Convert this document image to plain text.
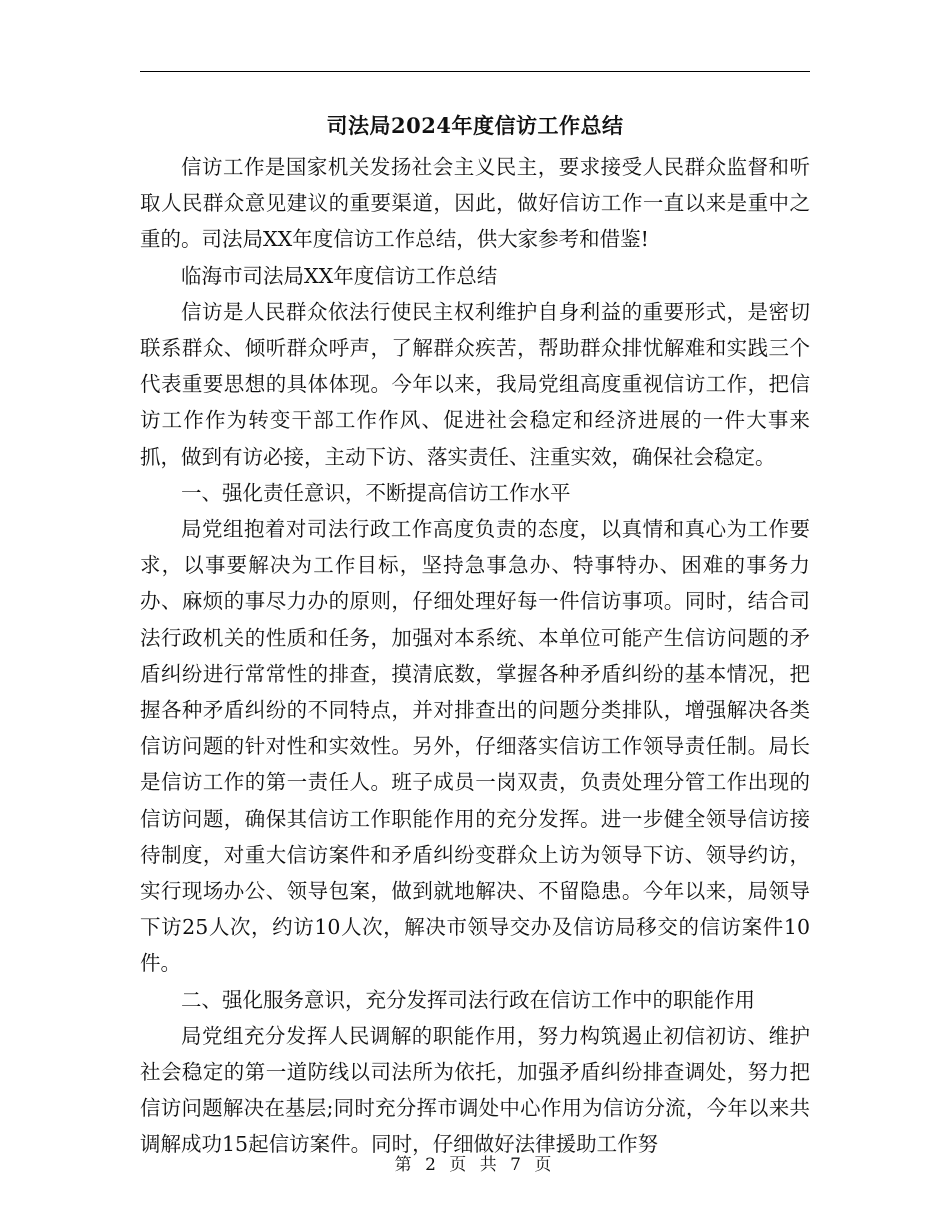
司法局2024年度信访工作总结

信访工作是国家机关发扬社会主义民主，要求接受人民群众监督和听取人民群众意见建议的重要渠道，因此，做好信访工作一直以来是重中之重的。司法局XX年度信访工作总结，供大家参考和借鉴!

临海市司法局XX年度信访工作总结

信访是人民群众依法行使民主权利维护自身利益的重要形式，是密切联系群众、倾听群众呼声，了解群众疾苦，帮助群众排忧解难和实践三个代表重要思想的具体体现。今年以来，我局党组高度重视信访工作，把信访工作作为转变干部工作作风、促进社会稳定和经济进展的一件大事来抓，做到有访必接，主动下访、落实责任、注重实效，确保社会稳定。

一、强化责任意识，不断提高信访工作水平

局党组抱着对司法行政工作高度负责的态度，以真情和真心为工作要求，以事要解决为工作目标，坚持急事急办、特事特办、困难的事务力办、麻烦的事尽力办的原则，仔细处理好每一件信访事项。同时，结合司法行政机关的性质和任务，加强对本系统、本单位可能产生信访问题的矛盾纠纷进行常常性的排查，摸清底数，掌握各种矛盾纠纷的基本情况，把握各种矛盾纠纷的不同特点，并对排查出的问题分类排队，增强解决各类信访问题的针对性和实效性。另外，仔细落实信访工作领导责任制。局长是信访工作的第一责任人。班子成员一岗双责，负责处理分管工作出现的信访问题，确保其信访工作职能作用的充分发挥。进一步健全领导信访接待制度，对重大信访案件和矛盾纠纷变群众上访为领导下访、领导约访，实行现场办公、领导包案，做到就地解决、不留隐患。今年以来，局领导下访25人次，约访10人次，解决市领导交办及信访局移交的信访案件10件。

二、强化服务意识，充分发挥司法行政在信访工作中的职能作用

局党组充分发挥人民调解的职能作用，努力构筑遏止初信初访、维护社会稳定的第一道防线以司法所为依托，加强矛盾纠纷排查调处，努力把信访问题解决在基层;同时充分挥市调处中心作用为信访分流，今年以来共调解成功15起信访案件。同时，仔细做好法律援助工作努

第 2 页 共 7 页
